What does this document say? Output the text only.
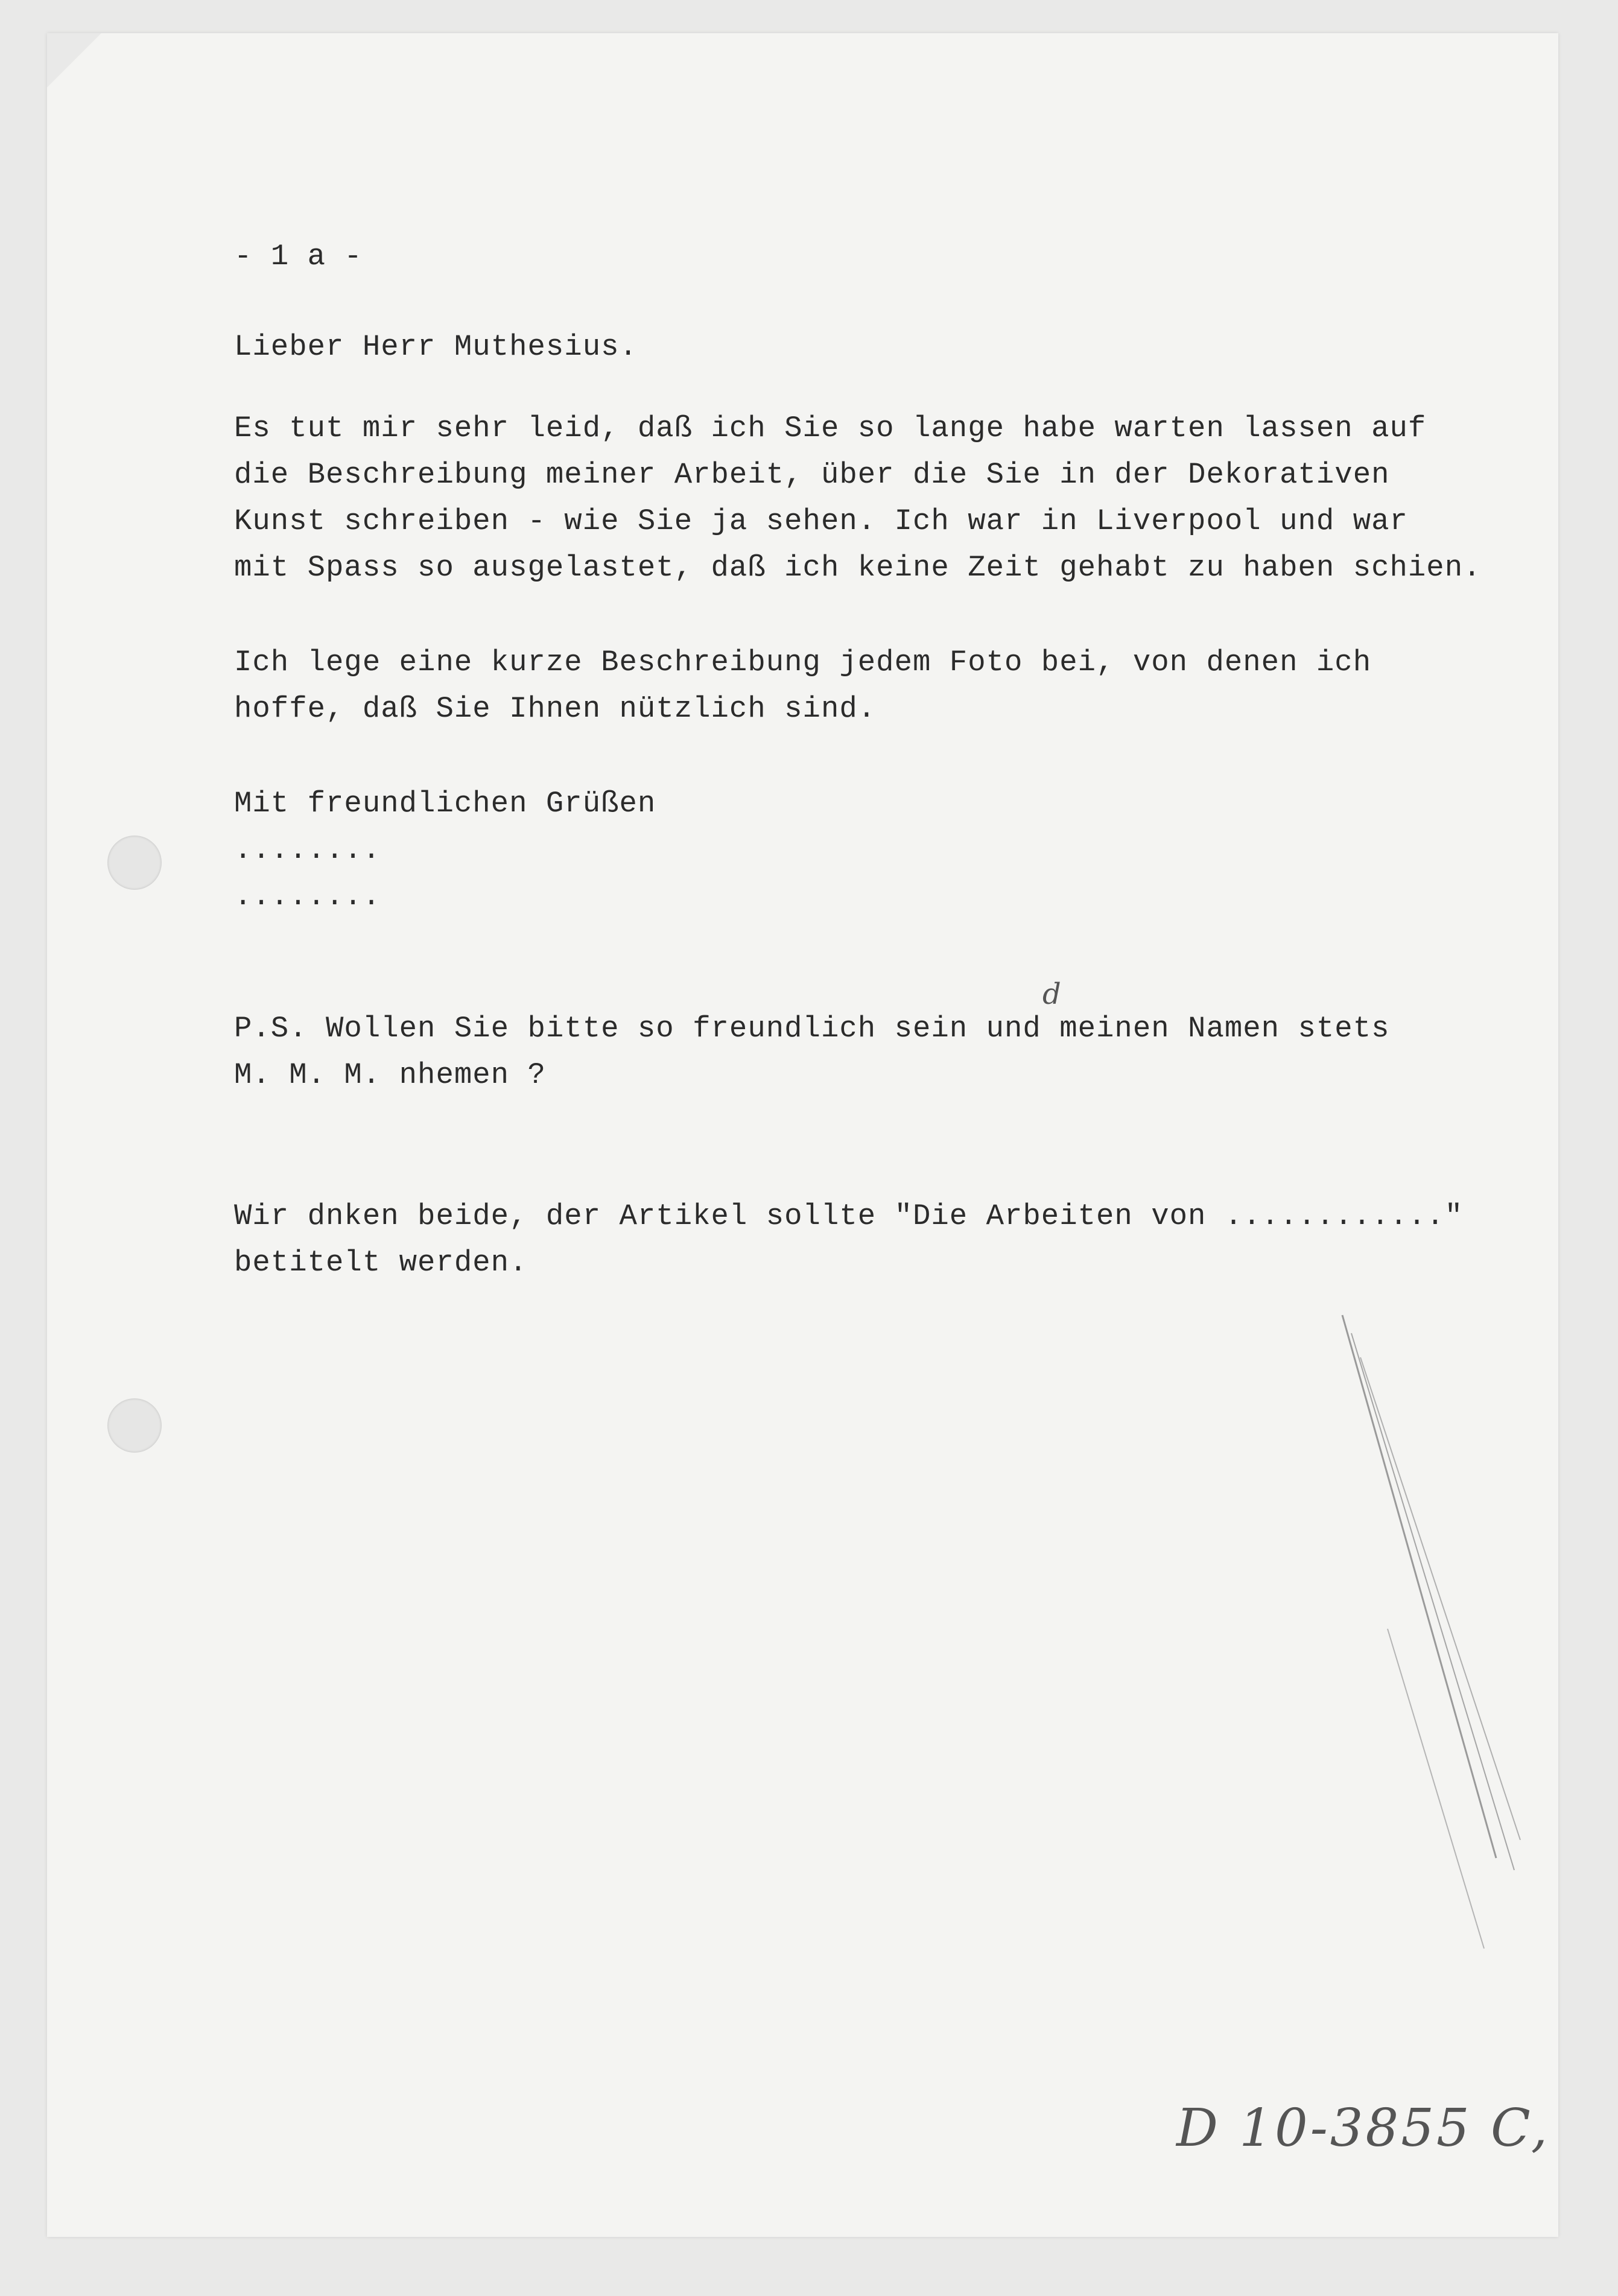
- 1 a -

Lieber Herr Muthesius.

Es tut mir sehr leid, daß ich Sie so lange habe warten lassen auf

die Beschreibung meiner Arbeit, über die Sie in der Dekorativen

Kunst schreiben - wie Sie ja sehen. Ich war in Liverpool und war

mit Spass so ausgelastet, daß ich keine Zeit gehabt zu haben schien.

Ich lege eine kurze Beschreibung jedem Foto bei, von denen ich

hoffe, daß Sie Ihnen nützlich sind.

Mit freundlichen Grüßen

........

........

d

P.S. Wollen Sie bitte so freundlich sein und meinen Namen stets

M. M. M. nhemen ?

Wir dnken beide, der Artikel sollte "Die Arbeiten von ............"

betitelt werden.

D 10-3855 C,
